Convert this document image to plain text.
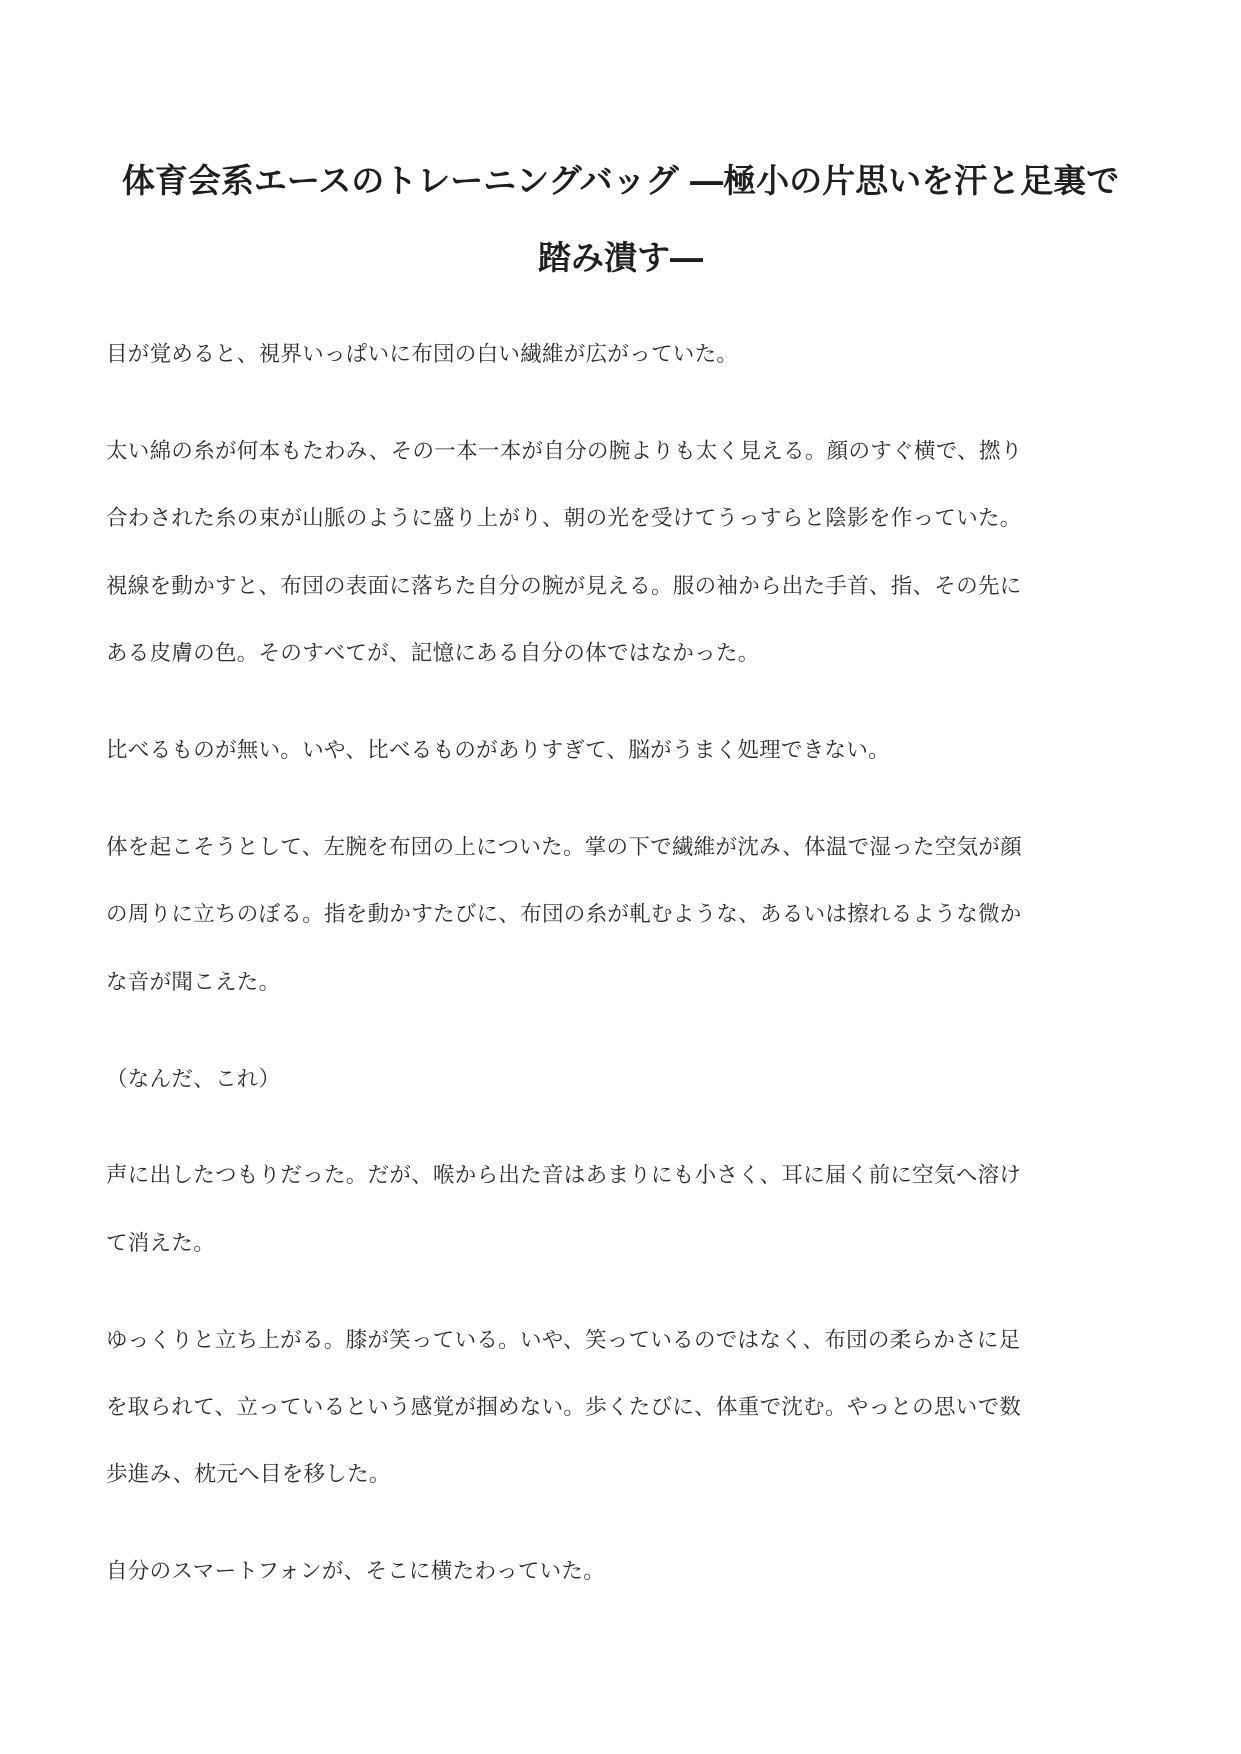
体育会系エースのトレーニングバッグ ―極小の片思いを汗と足裏で
踏み潰す―

目が覚めると、視界いっぱいに布団の白い繊維が広がっていた。

太い綿の糸が何本もたわみ、その一本一本が自分の腕よりも太く見える。顔のすぐ横で、撚り

合わされた糸の束が山脈のように盛り上がり、朝の光を受けてうっすらと陰影を作っていた。

視線を動かすと、布団の表面に落ちた自分の腕が見える。服の袖から出た手首、指、その先に

ある皮膚の色。そのすべてが、記憶にある自分の体ではなかった。

比べるものが無い。いや、比べるものがありすぎて、脳がうまく処理できない。

体を起こそうとして、左腕を布団の上についた。掌の下で繊維が沈み、体温で湿った空気が顔

の周りに立ちのぼる。指を動かすたびに、布団の糸が軋むような、あるいは擦れるような微か

な音が聞こえた。

（なんだ、これ）

声に出したつもりだった。だが、喉から出た音はあまりにも小さく、耳に届く前に空気へ溶け

て消えた。

ゆっくりと立ち上がる。膝が笑っている。いや、笑っているのではなく、布団の柔らかさに足

を取られて、立っているという感覚が掴めない。歩くたびに、体重で沈む。やっとの思いで数

歩進み、枕元へ目を移した。

自分のスマートフォンが、そこに横たわっていた。
